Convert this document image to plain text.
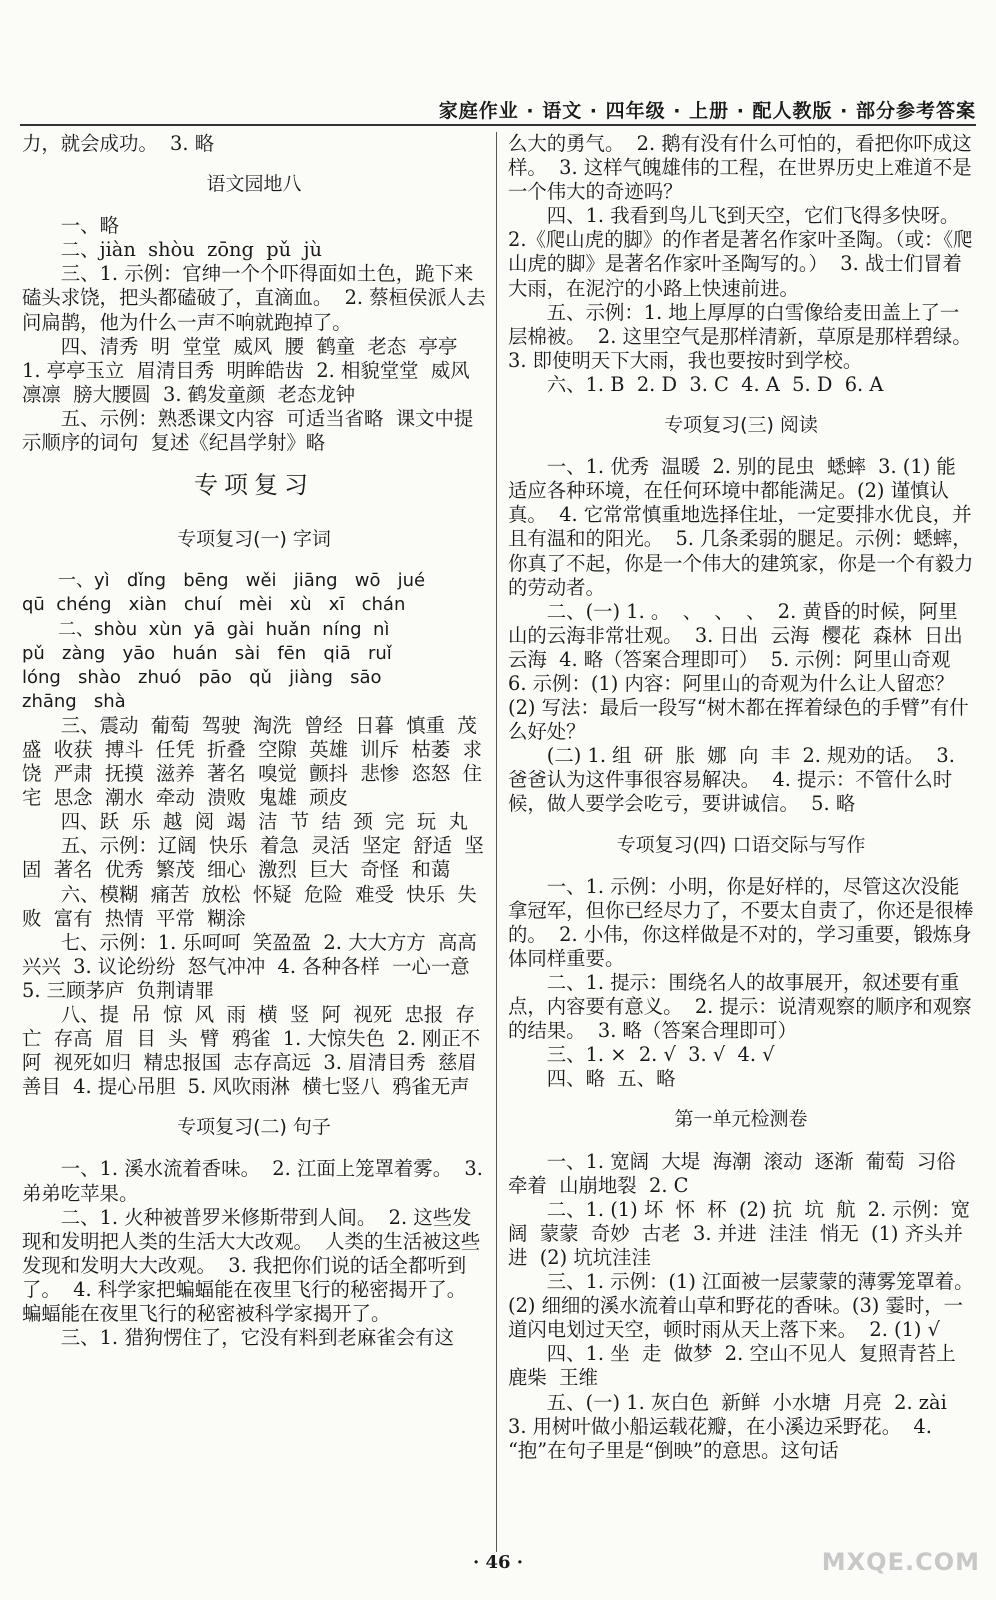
家庭作业 · 语文 · 四年级 · 上册 · 配人教版 · 部分参考答案

力，就会成功。  3. 略

语文园地八

一、略

二、jiàn  shòu  zōng  pǔ  jù

三、1. 示例：官绅一个个吓得面如土色，跪下来磕头求饶，把头都磕破了，直滴血。  2. 蔡桓侯派人去问扁鹊，他为什么一声不响就跑掉了。

四、清秀  明  堂堂  威风  腰  鹤童  老态  亭亭  1. 亭亭玉立  眉清目秀  明眸皓齿  2. 相貌堂堂  威风凛凛  膀大腰圆  3. 鹤发童颜  老态龙钟

五、示例：熟悉课文内容  可适当省略  课文中提示顺序的词句  复述《纪昌学射》略

专项复习
专项复习(一) 字词

一、yì   dǐng   bēng   wěi   jiāng   wō   jué

qū  chéng   xiàn   chuí   mèi   xù   xī   chán

二、shòu  xùn  yā  gài  huǎn  níng  nì

pǔ   zàng   yāo   huán   sài   fēn   qiā   ruǐ

lóng   shào   zhuó   pāo   qǔ   jiàng   sāo

zhāng   shà

三、震动  葡萄  驾驶  淘洗  曾经  日暮  慎重  茂盛  收获  搏斗  任凭  折叠  空隙  英雄  训斥  枯萎  求饶  严肃  抚摸  滋养  著名  嗅觉  颤抖  悲惨  恣怒  住宅  思念  潮水  牵动  溃败  鬼雄  顽皮

四、跃  乐  越  阅  竭  洁  节  结  颈  完  玩  丸

五、示例：辽阔  快乐  着急  灵活  坚定  舒适  坚固  著名  优秀  繁茂  细心  激烈  巨大  奇怪  和蔼

六、模糊  痛苦  放松  怀疑  危险  难受  快乐  失败  富有  热情  平常  糊涂

七、示例：1. 乐呵呵  笑盈盈  2. 大大方方  高高兴兴  3. 议论纷纷  怒气冲冲  4. 各种各样  一心一意  5. 三顾茅庐  负荆请罪

八、提  吊  惊  风  雨  横  竖  阿  视死  忠报  存亡  存高  眉  目  头  臂  鸦雀  1. 大惊失色  2. 刚正不阿  视死如归  精忠报国  志存高远  3. 眉清目秀  慈眉善目  4. 提心吊胆  5. 风吹雨淋  横七竖八  鸦雀无声

专项复习(二) 句子

一、1. 溪水流着香味。  2. 江面上笼罩着雾。  3. 弟弟吃苹果。

二、1. 火种被普罗米修斯带到人间。  2. 这些发现和发明把人类的生活大大改观。  人类的生活被这些发现和发明大大改观。  3. 我把你们说的话全都听到了。  4. 科学家把蝙蝠能在夜里飞行的秘密揭开了。  蝙蝠能在夜里飞行的秘密被科学家揭开了。

三、1. 猎狗愣住了，它没有料到老麻雀会有这

么大的勇气。  2. 鹅有没有什么可怕的，看把你吓成这样。  3. 这样气魄雄伟的工程，在世界历史上难道不是一个伟大的奇迹吗？

四、1. 我看到鸟儿飞到天空，它们飞得多快呀。  2.《爬山虎的脚》的作者是著名作家叶圣陶。（或：《爬山虎的脚》是著名作家叶圣陶写的。）  3. 战士们冒着大雨，在泥泞的小路上快速前进。

五、示例：1. 地上厚厚的白雪像给麦田盖上了一层棉被。  2. 这里空气是那样清新，草原是那样碧绿。  3. 即使明天下大雨，我也要按时到学校。

六、1. B  2. D  3. C  4. A  5. D  6. A

专项复习(三) 阅读

一、1. 优秀  温暖  2. 别的昆虫  蟋蟀  3. (1) 能适应各种环境，在任何环境中都能满足。(2) 谨慎认真。  4. 它常常慎重地选择住址，一定要排水优良，并且有温和的阳光。  5. 几条柔弱的腿足。示例：蟋蟀，你真了不起，你是一个伟大的建筑家，你是一个有毅力的劳动者。

二、(一) 1. 。  、  、  、  2. 黄昏的时候，阿里山的云海非常壮观。  3. 日出  云海  樱花  森林  日出  云海  4. 略（答案合理即可）  5. 示例：阿里山奇观  6. 示例：(1) 内容：阿里山的奇观为什么让人留恋？(2) 写法：最后一段写“树木都在挥着绿色的手臂”有什么好处？

(二) 1. 组  研  胀  娜  向  丰  2. 规劝的话。  3. 爸爸认为这件事很容易解决。  4. 提示：不管什么时候，做人要学会吃亏，要讲诚信。  5. 略

专项复习(四) 口语交际与写作

一、1. 示例：小明，你是好样的，尽管这次没能拿冠军，但你已经尽力了，不要太自责了，你还是很棒的。  2. 小伟，你这样做是不对的，学习重要，锻炼身体同样重要。

二、1. 提示：围绕名人的故事展开，叙述要有重点，内容要有意义。  2. 提示：说清观察的顺序和观察的结果。  3. 略（答案合理即可）

三、1. ×  2. √  3. √  4. √

四、略  五、略

第一单元检测卷

一、1. 宽阔  大堤  海潮  滚动  逐渐  葡萄  习俗  牵着  山崩地裂  2. C

二、1. (1) 坏  怀  杯  (2) 抗  坑  航  2. 示例：宽阔  蒙蒙  奇妙  古老  3. 并进  洼洼  悄无  (1) 齐头并进  (2) 坑坑洼洼

三、1. 示例：(1) 江面被一层蒙蒙的薄雾笼罩着。(2) 细细的溪水流着山草和野花的香味。(3) 霎时，一道闪电划过天空，顿时雨从天上落下来。  2. (1) √

四、1. 坐  走  做梦  2. 空山不见人  复照青苔上  鹿柴  王维

五、(一) 1. 灰白色  新鲜  小水塘  月亮  2. zài  3. 用树叶做小船运载花瓣，在小溪边采野花。  4. “抱”在句子里是“倒映”的意思。这句话

· 46 ·	MXQE.COM
